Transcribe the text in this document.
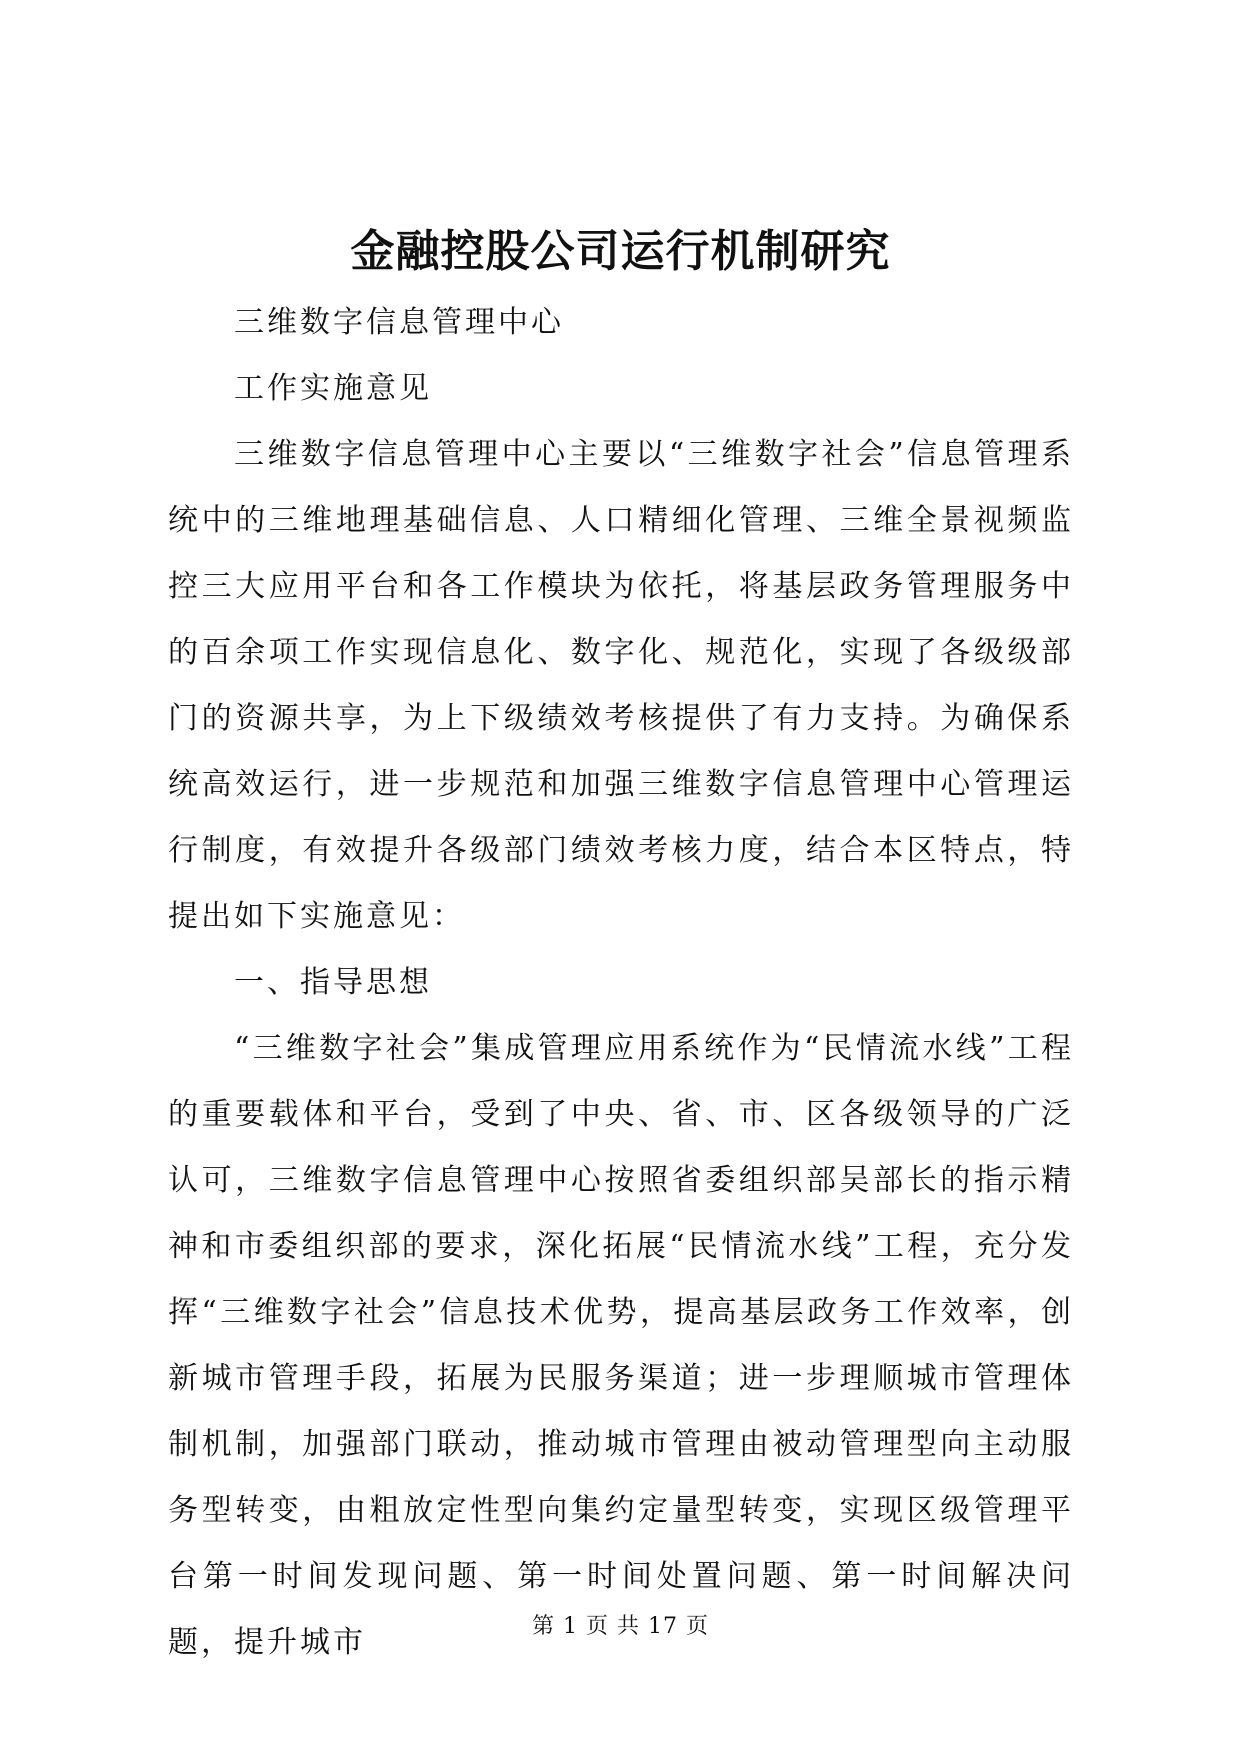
金融控股公司运行机制研究

三维数字信息管理中心

工作实施意见

三维数字信息管理中心主要以“三维数字社会”信息管理系统中的三维地理基础信息、人口精细化管理、三维全景视频监控三大应用平台和各工作模块为依托，将基层政务管理服务中的百余项工作实现信息化、数字化、规范化，实现了各级级部门的资源共享，为上下级绩效考核提供了有力支持。为确保系统高效运行，进一步规范和加强三维数字信息管理中心管理运行制度，有效提升各级部门绩效考核力度，结合本区特点，特提出如下实施意见：

一、指导思想

“三维数字社会”集成管理应用系统作为“民情流水线”工程的重要载体和平台，受到了中央、省、市、区各级领导的广泛认可，三维数字信息管理中心按照省委组织部吴部长的指示精神和市委组织部的要求，深化拓展“民情流水线”工程，充分发挥“三维数字社会”信息技术优势，提高基层政务工作效率，创新城市管理手段，拓展为民服务渠道；进一步理顺城市管理体制机制，加强部门联动，推动城市管理由被动管理型向主动服务型转变，由粗放定性型向集约定量型转变，实现区级管理平台第一时间发现问题、第一时间处置问题、第一时间解决问题，提升城市	第 1 页 共 17 页
